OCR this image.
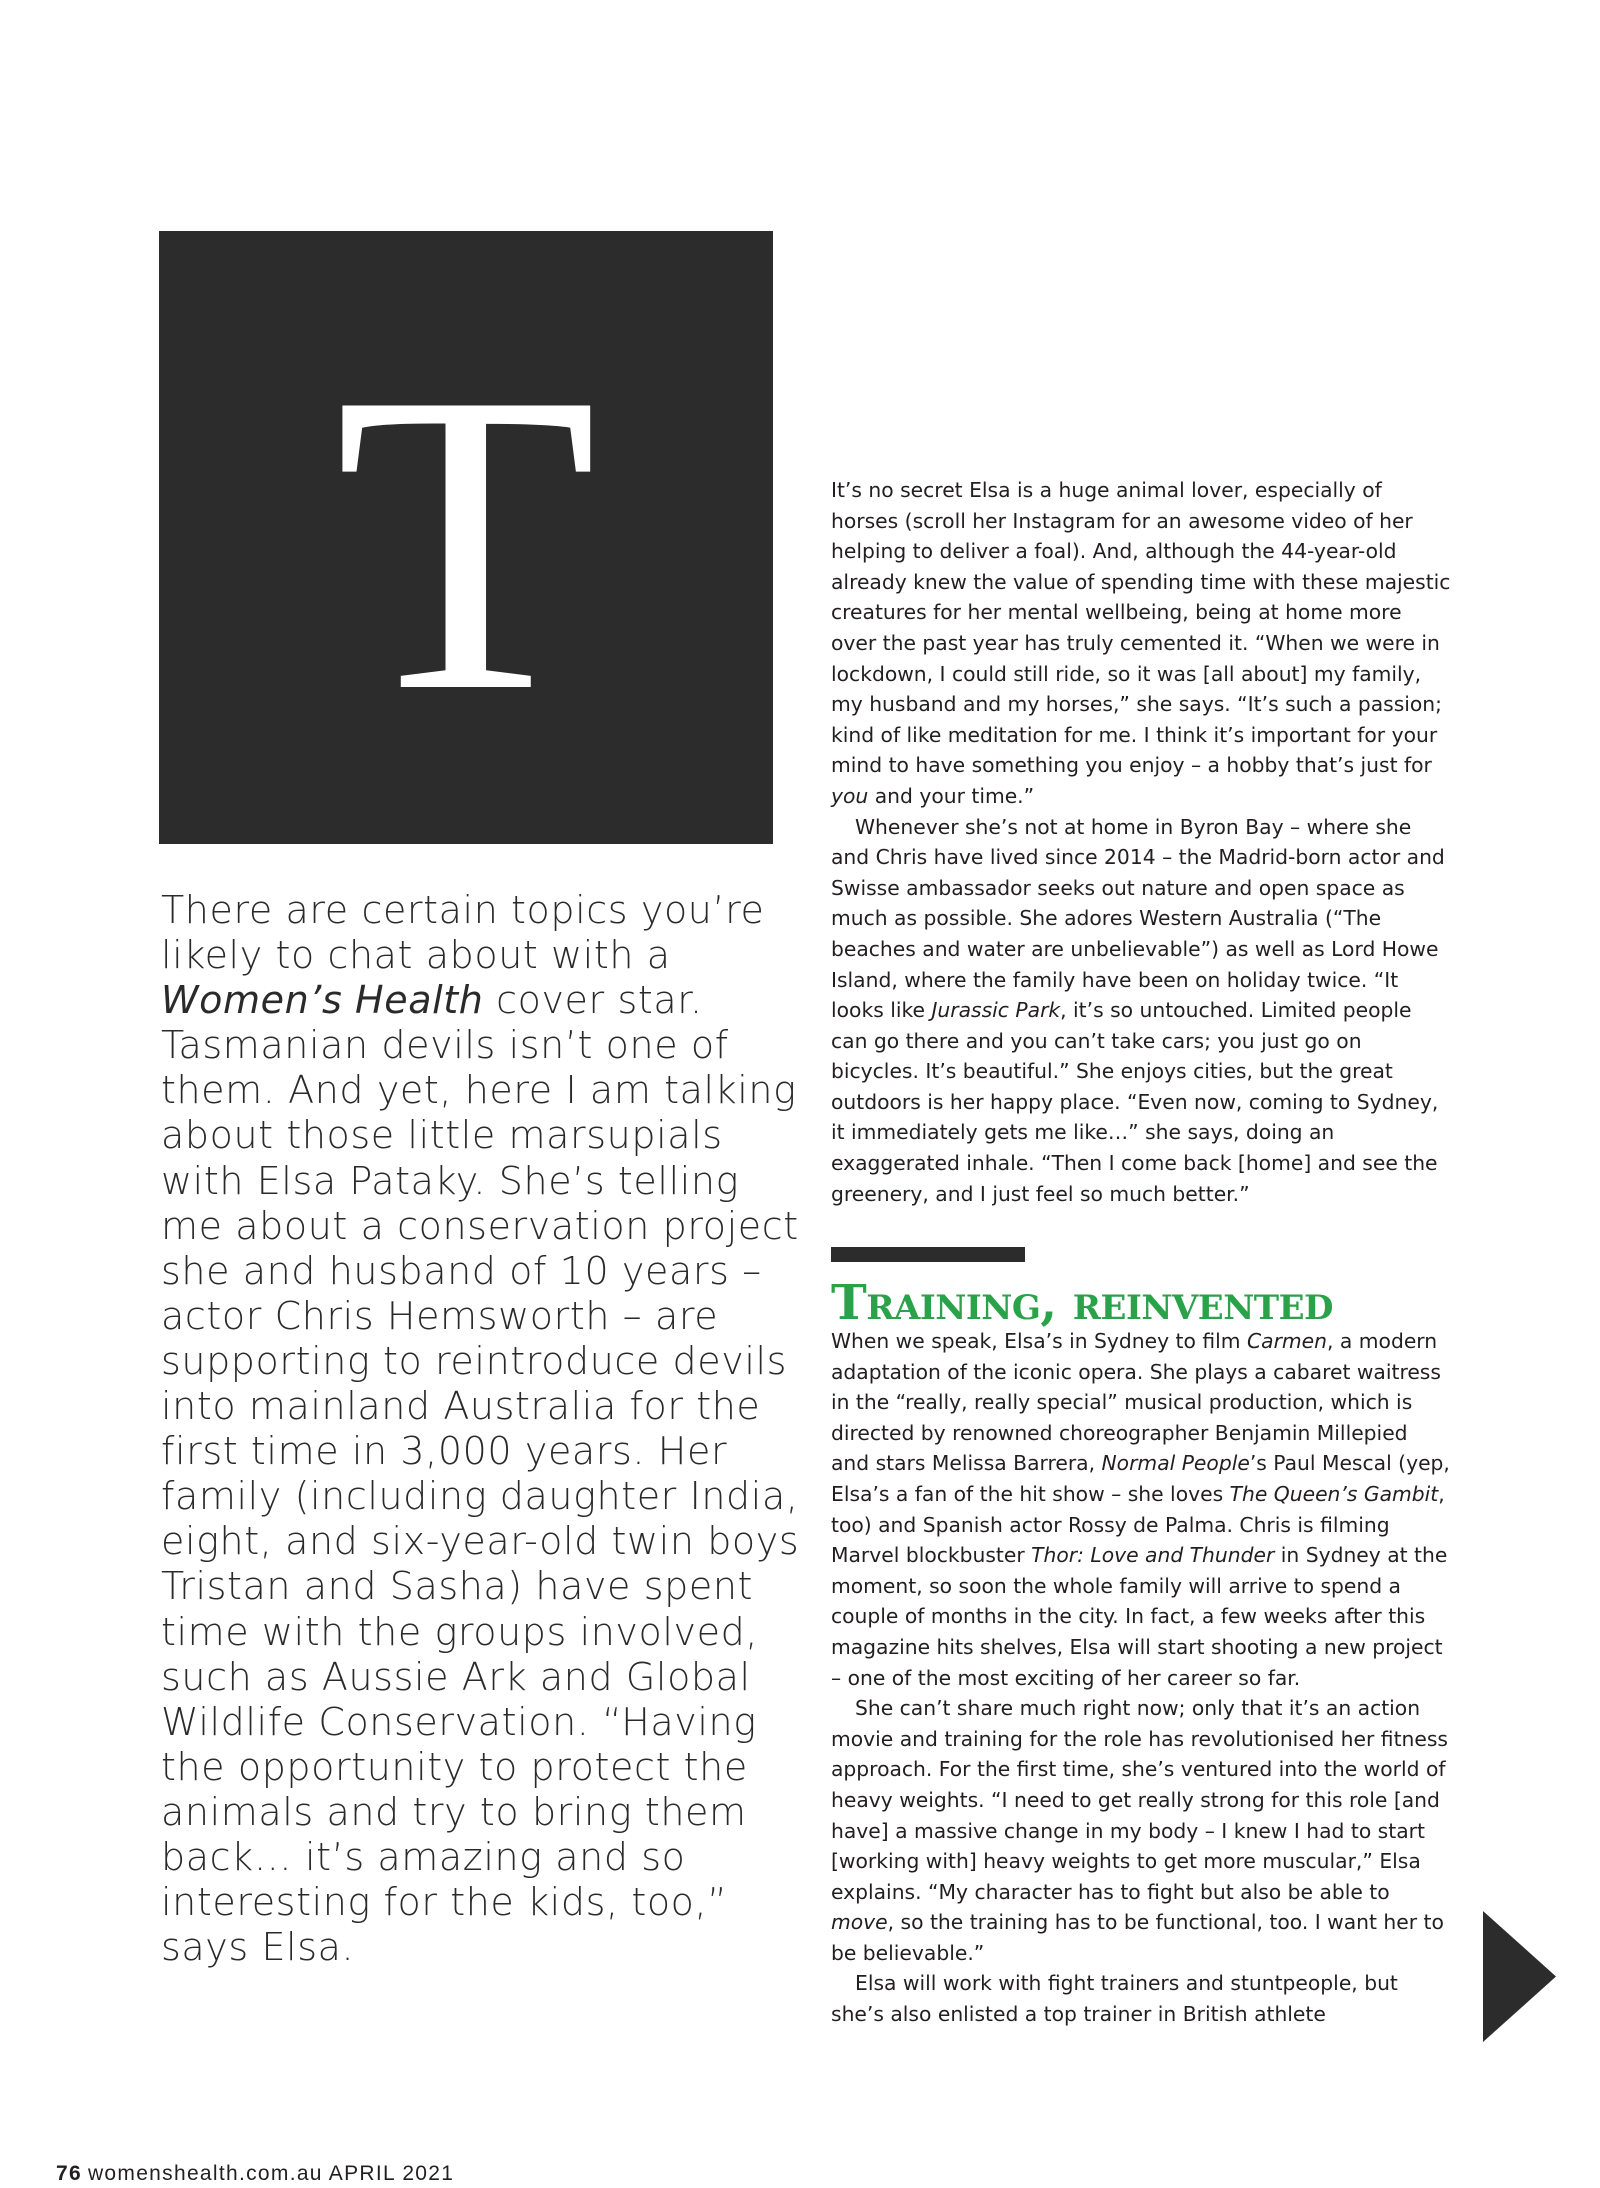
T

There are certain topics you’re likely to chat about with a Women’s Health cover star. Tasmanian devils isn’t one of them. And yet, here I am talking about those little marsupials with Elsa Pataky. She’s telling me about a conservation project she and husband of 10 years – actor Chris Hemsworth – are supporting to reintroduce devils into mainland Australia for the first time in 3,000 years. Her family (including daughter India, eight, and six-year-old twin boys Tristan and Sasha) have spent time with the groups involved, such as Aussie Ark and Global Wildlife Conservation. “Having the opportunity to protect the animals and try to bring them back… it’s amazing and so interesting for the kids, too,” says Elsa.

It’s no secret Elsa is a huge animal lover, especially of horses (scroll her Instagram for an awesome video of her helping to deliver a foal). And, although the 44-year-old already knew the value of spending time with these majestic creatures for her mental wellbeing, being at home more over the past year has truly cemented it. “When we were in lockdown, I could still ride, so it was [all about] my family, my husband and my horses,” she says. “It’s such a passion; kind of like meditation for me. I think it’s important for your mind to have something you enjoy – a hobby that’s just for you and your time.”

Whenever she’s not at home in Byron Bay – where she and Chris have lived since 2014 – the Madrid-born actor and Swisse ambassador seeks out nature and open space as much as possible. She adores Western Australia (“The beaches and water are unbelievable”) as well as Lord Howe Island, where the family have been on holiday twice. “It looks like Jurassic Park, it’s so untouched. Limited people can go there and you can’t take cars; you just go on bicycles. It’s beautiful.” She enjoys cities, but the great outdoors is her happy place. “Even now, coming to Sydney, it immediately gets me like…” she says, doing an exaggerated inhale. “Then I come back [home] and see the greenery, and I just feel so much better.”

Training, reinvented

When we speak, Elsa’s in Sydney to film Carmen, a modern adaptation of the iconic opera. She plays a cabaret waitress in the “really, really special” musical production, which is directed by renowned choreographer Benjamin Millepied and stars Melissa Barrera, Normal People’s Paul Mescal (yep, Elsa’s a fan of the hit show – she loves The Queen’s Gambit, too) and Spanish actor Rossy de Palma. Chris is filming Marvel blockbuster Thor: Love and Thunder in Sydney at the moment, so soon the whole family will arrive to spend a couple of months in the city. In fact, a few weeks after this magazine hits shelves, Elsa will start shooting a new project – one of the most exciting of her career so far.

She can’t share much right now; only that it’s an action movie and training for the role has revolutionised her fitness approach. For the first time, she’s ventured into the world of heavy weights. “I need to get really strong for this role [and have] a massive change in my body – I knew I had to start [working with] heavy weights to get more muscular,” Elsa explains. “My character has to fight but also be able to move, so the training has to be functional, too. I want her to be believable.”

Elsa will work with fight trainers and stuntpeople, but she’s also enlisted a top trainer in British athlete

76 womenshealth.com.au APRIL 2021
